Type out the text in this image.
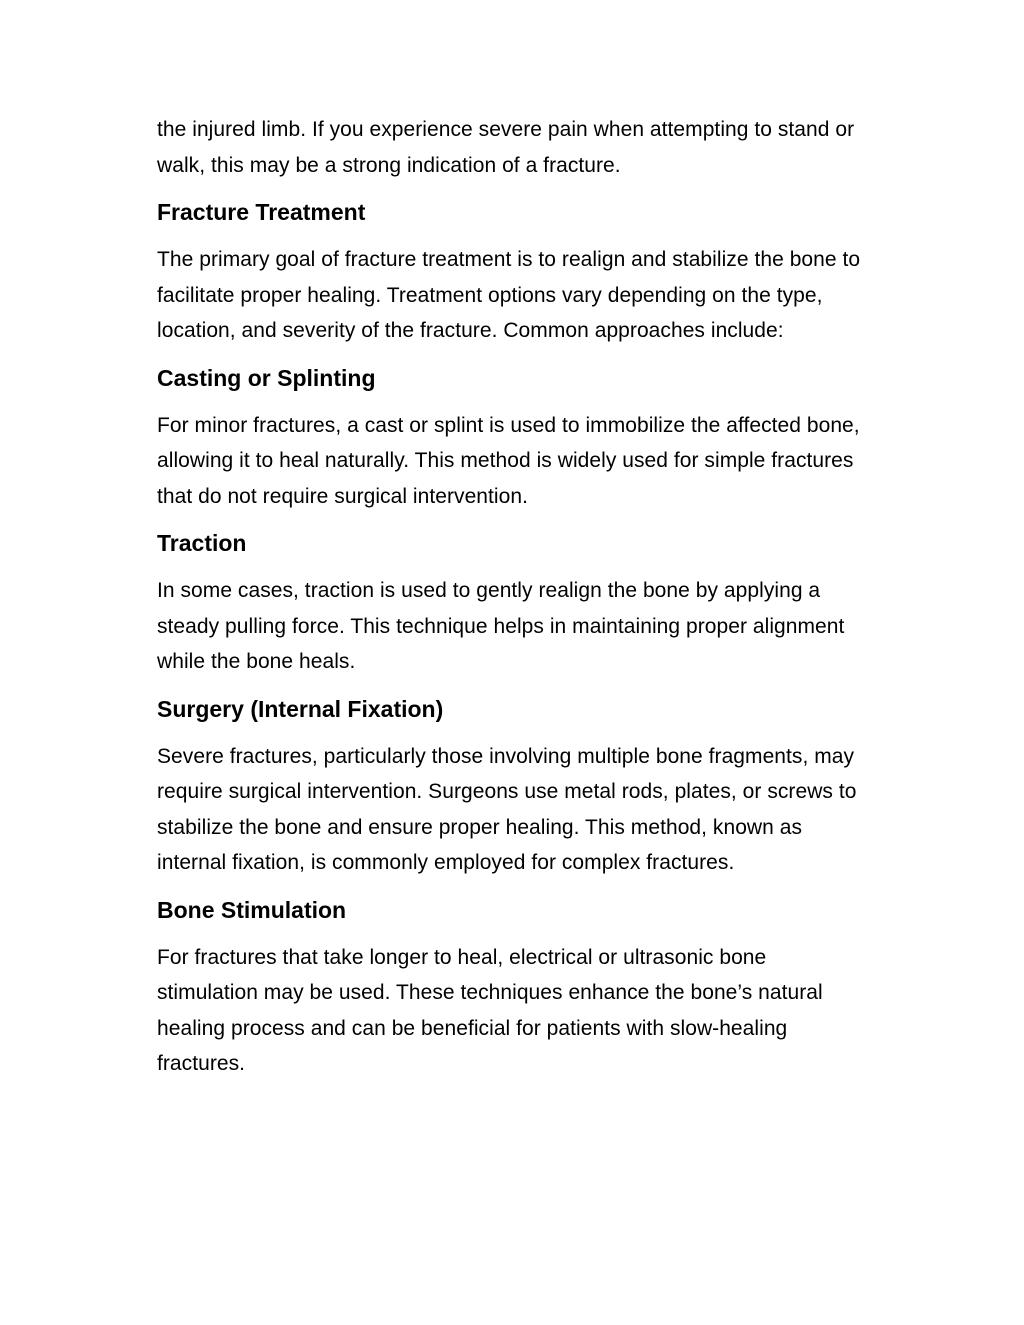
the injured limb. If you experience severe pain when attempting to stand or walk, this may be a strong indication of a fracture.

Fracture Treatment

The primary goal of fracture treatment is to realign and stabilize the bone to facilitate proper healing. Treatment options vary depending on the type, location, and severity of the fracture. Common approaches include:

Casting or Splinting

For minor fractures, a cast or splint is used to immobilize the affected bone, allowing it to heal naturally. This method is widely used for simple fractures that do not require surgical intervention.

Traction

In some cases, traction is used to gently realign the bone by applying a steady pulling force. This technique helps in maintaining proper alignment while the bone heals.

Surgery (Internal Fixation)

Severe fractures, particularly those involving multiple bone fragments, may require surgical intervention. Surgeons use metal rods, plates, or screws to stabilize the bone and ensure proper healing. This method, known as internal fixation, is commonly employed for complex fractures.

Bone Stimulation

For fractures that take longer to heal, electrical or ultrasonic bone stimulation may be used. These techniques enhance the bone’s natural healing process and can be beneficial for patients with slow-healing fractures.
